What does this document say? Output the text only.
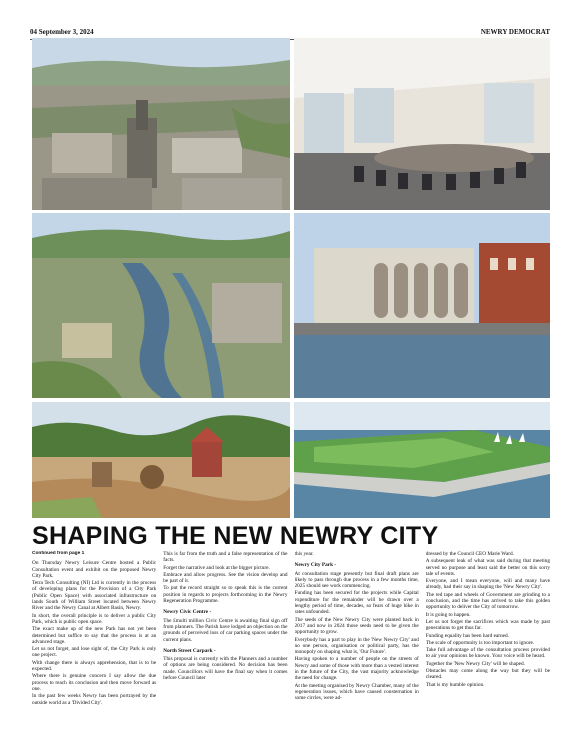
04 September 3, 2024	NEWRY DEMOCRAT
SHAPING THE NEW NEWRY CITY

Continued from page 1

On Thursday Newry Leisure Centre hosted a Public Consultation event and exhibit on the proposed Newry City Park.

Tetra Tech Consulting (NI) Ltd is currently in the process of developing plans for the Provision of a City Park (Public Open Space) with associated infrastructure on lands South of William Street located between Newry River and the Newry Canal at Albert Basin, Newry.

In short, the overall principle is to deliver a public City Park, which is public open space.

The exact make up of the new Park has not yet been determined but suffice to say that the process is at an advanced stage.

Let us not forget, and lose sight of, the City Park is only one project.

With change there is always apprehension, that is to be expected.

Where there is genuine concern I say allow the due process to reach its conclusion and then move forward as one.

In the past few weeks Newry has been portrayed by the outside world as a 'Divided City'.

This is far from the truth and a false representation of the facts.

Forget the narrative and look at the bigger picture.

Embrace and allow progress. See the vision develop and be part of it.

To put the record straight so to speak this is the current position in regards to projects forthcoming in the Newry Regeneration Programme.

Newry Civic Centre -

The £multi million Civic Centre is awaiting final sign off from planners. The Parish have lodged an objection on the grounds of perceived loss of car parking spaces under the current plans.

North Street Carpark -

This proposal is currently with the Planners and a number of options are being considered. No decision has been made. Councillors will have the final say when it comes before Council later

this year.

Newry City Park -

At consultation stage presently but final draft plans are likely to pass through due process in a few months time, 2025 should see work commencing.

Funding has been secured for the projects while Capital expenditure for the remainder will be drawn over a lengthy period of time, decades, so fears of huge hike in rates unfounded.

The seeds of the New Newry City were planted back in 2017 and now in 2024 those seeds need to be given the opportunity to grow.

Everybody has a part to play in the 'New Newry City' and no one person, organisation or political party, has the monopoly on shaping what is, 'Our Future'.

Having spoken to a number of people on the streets of Newry and some of those with more than a vested interest in the future of the City, the vast majority acknowledge the need for change.

At the meeting organised by Newry Chamber, many of the regeneration issues, which have caused consternation in some circles, were ad-

dressed by the Council CEO Marie Ward.

A subsequent leak of what was said during that meeting served no purpose and least said the better on this sorry tale of events.

Everyone, and I mean everyone, will and many have already, had their say in shaping the 'New Newry City'.

The red tape and wheels of Government are grinding to a conclusion, and the time has arrived to take this golden opportunity to deliver the City of tomorrow.

It is going to happen.

Let us not forget the sacrifices which was made by past generations to get thus far.

Funding equality has been hard earned.

The scale of opportunity is too important to ignore.

Take full advantage of the consultation process provided to air your opinions be known. Your voice will be heard.

Together the 'New Newry City' will be shaped.

Obstacles may come along the way but they will be cleared.

That is my humble opinion.
